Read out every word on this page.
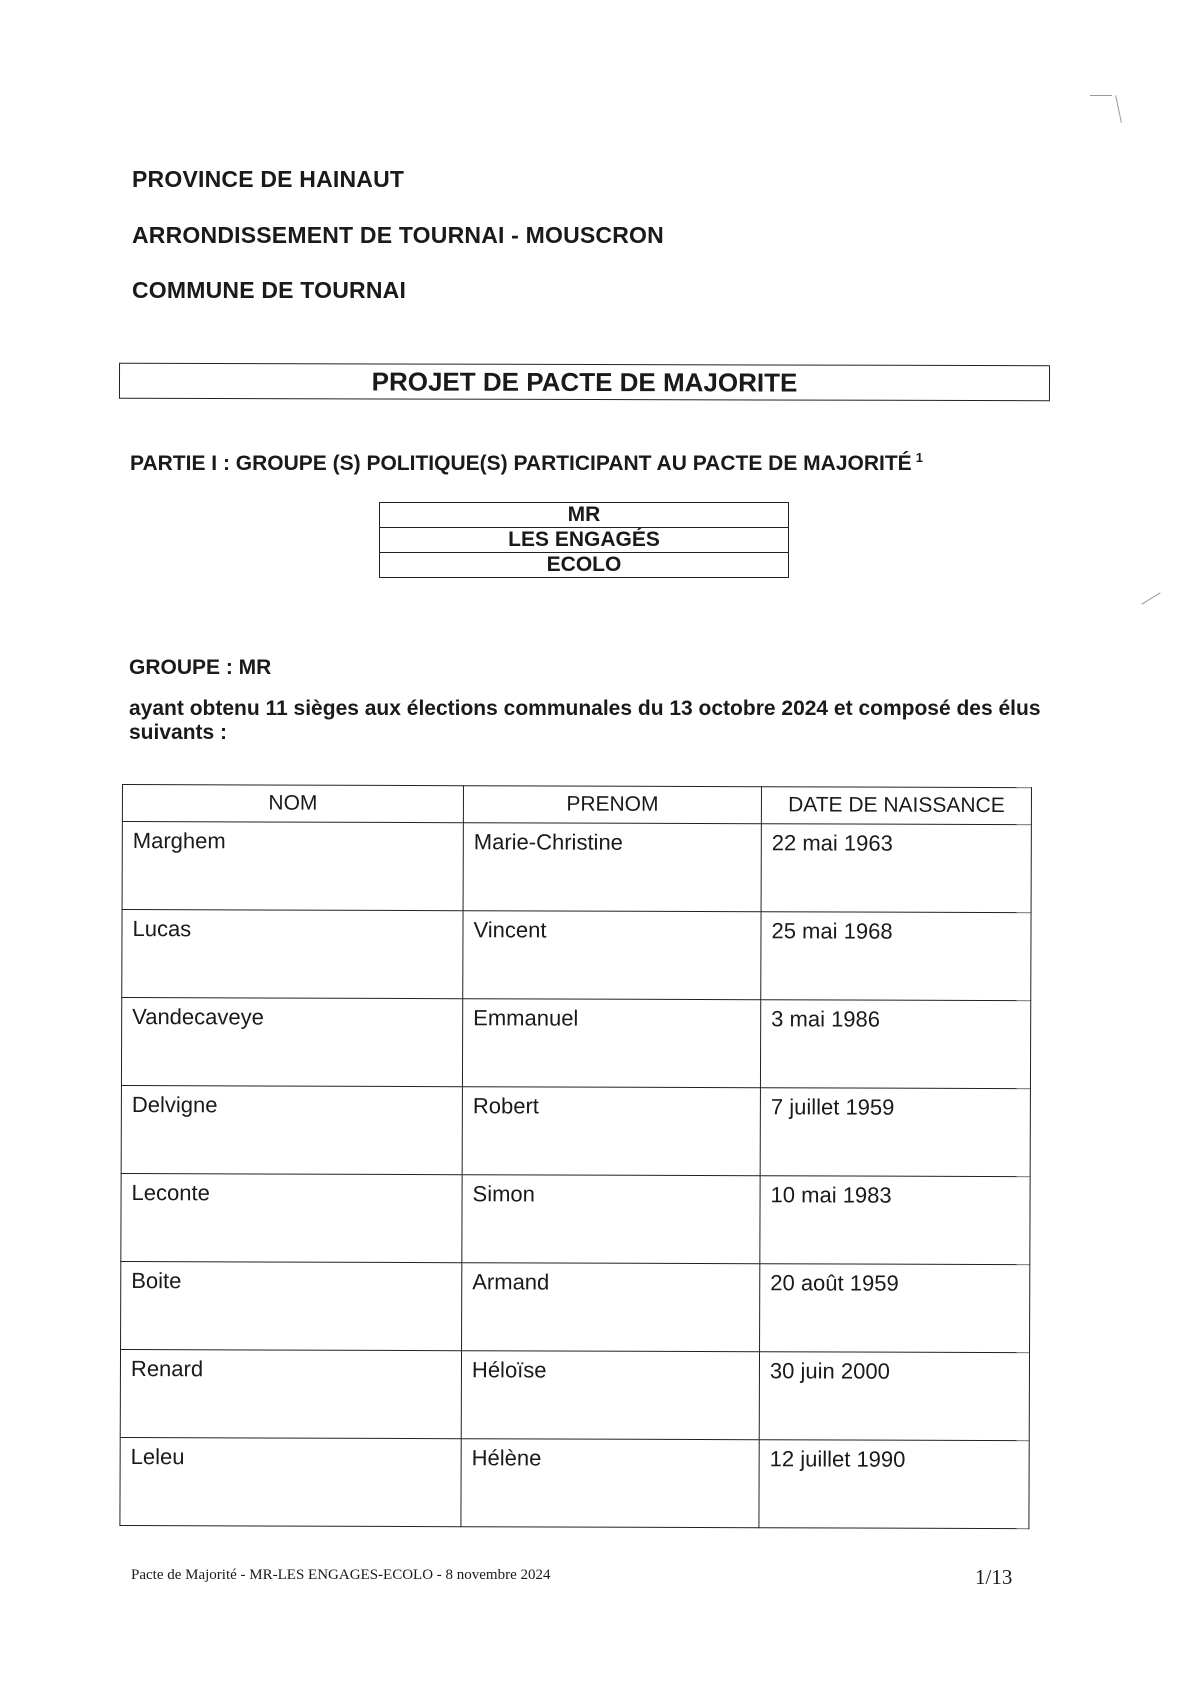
PROVINCE DE HAINAUT
ARRONDISSEMENT DE TOURNAI - MOUSCRON
COMMUNE DE TOURNAI
PROJET DE PACTE DE MAJORITE
PARTIE I : GROUPE (S) POLITIQUE(S) PARTICIPANT AU PACTE DE MAJORITÉ $^1$
MR
LES ENGAGÉS
ECOLO
GROUPE : MR
ayant obtenu 11 sièges aux élections communales du 13 octobre 2024 et composé des élus suivants :
NOM	PRENOM	DATE DE NAISSANCE
Marghem	Marie-Christine	22 mai 1963
Lucas	Vincent	25 mai 1968
Vandecaveye	Emmanuel	3 mai 1986
Delvigne	Robert	7 juillet 1959
Leconte	Simon	10 mai 1983
Boite	Armand	20 août 1959
Renard	Héloïse	30 juin 2000
Leleu	Hélène	12 juillet 1990
Pacte de Majorité - MR-LES ENGAGES-ECOLO - 8 novembre 2024	1/13
